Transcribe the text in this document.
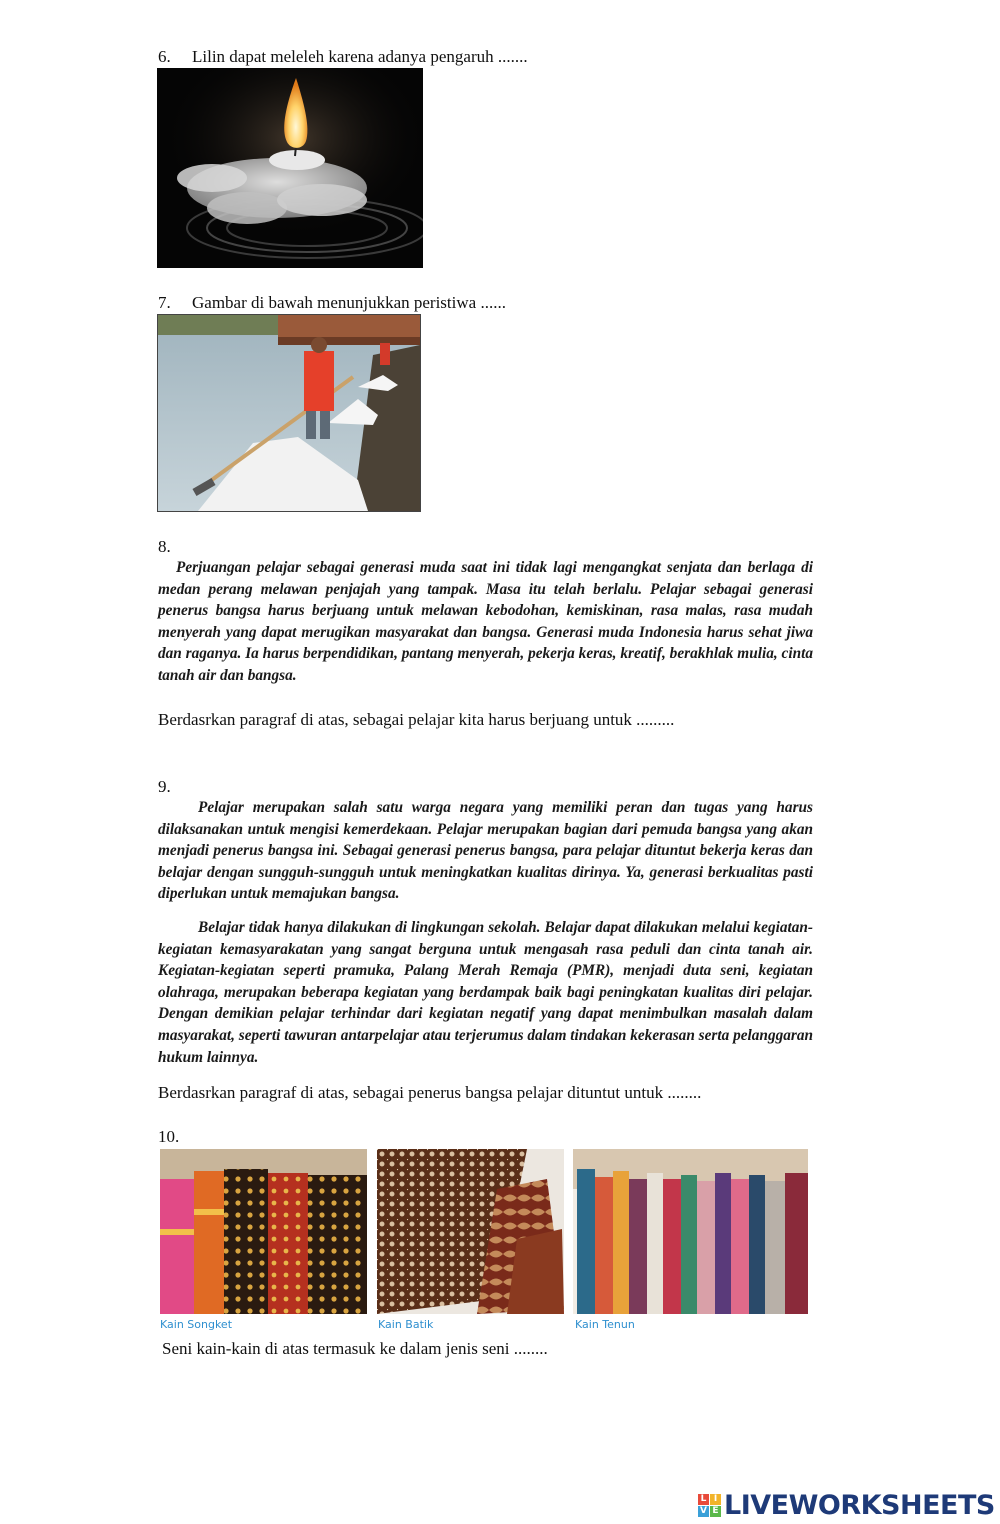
6. Lilin dapat meleleh karena adanya pengaruh .......
7. Gambar di bawah menunjukkan peristiwa ......
8.

Perjuangan pelajar sebagai generasi muda saat ini tidak lagi mengangkat senjata dan berlaga di medan perang melawan penjajah yang tampak. Masa itu telah berlalu. Pelajar sebagai generasi penerus bangsa harus berjuang untuk melawan kebodohan, kemiskinan, rasa malas, rasa mudah menyerah yang dapat merugikan masyarakat dan bangsa. Generasi muda Indonesia harus sehat jiwa dan raganya. Ia harus berpendidikan, pantang menyerah, pekerja keras, kreatif, berakhlak mulia, cinta tanah air dan bangsa.

Berdasrkan paragraf di atas, sebagai pelajar kita harus berjuang untuk .........
9.

Pelajar merupakan salah satu warga negara yang memiliki peran dan tugas yang harus dilaksanakan untuk mengisi kemerdekaan. Pelajar merupakan bagian dari pemuda bangsa yang akan menjadi penerus bangsa ini. Sebagai generasi penerus bangsa, para pelajar dituntut bekerja keras dan belajar dengan sungguh-sungguh untuk meningkatkan kualitas dirinya. Ya, generasi berkualitas pasti diperlukan untuk memajukan bangsa.

Belajar tidak hanya dilakukan di lingkungan sekolah. Belajar dapat dilakukan melalui kegiatan-kegiatan kemasyarakatan yang sangat berguna untuk mengasah rasa peduli dan cinta tanah air. Kegiatan-kegiatan seperti pramuka, Palang Merah Remaja (PMR), menjadi duta seni, kegiatan olahraga, merupakan beberapa kegiatan yang berdampak baik bagi peningkatan kualitas diri pelajar. Dengan demikian pelajar terhindar dari kegiatan negatif yang dapat menimbulkan masalah dalam masyarakat, seperti tawuran antarpelajar atau terjerumus dalam tindakan kekerasan serta pelanggaran hukum lainnya.

Berdasrkan paragraf di atas, sebagai penerus bangsa pelajar dituntut untuk ........
10.
Kain Songket	Kain Batik	Kain Tenun
Seni kain-kain di atas termasuk ke dalam jenis seni ........
L I
V E LIVEWORKSHEETS
